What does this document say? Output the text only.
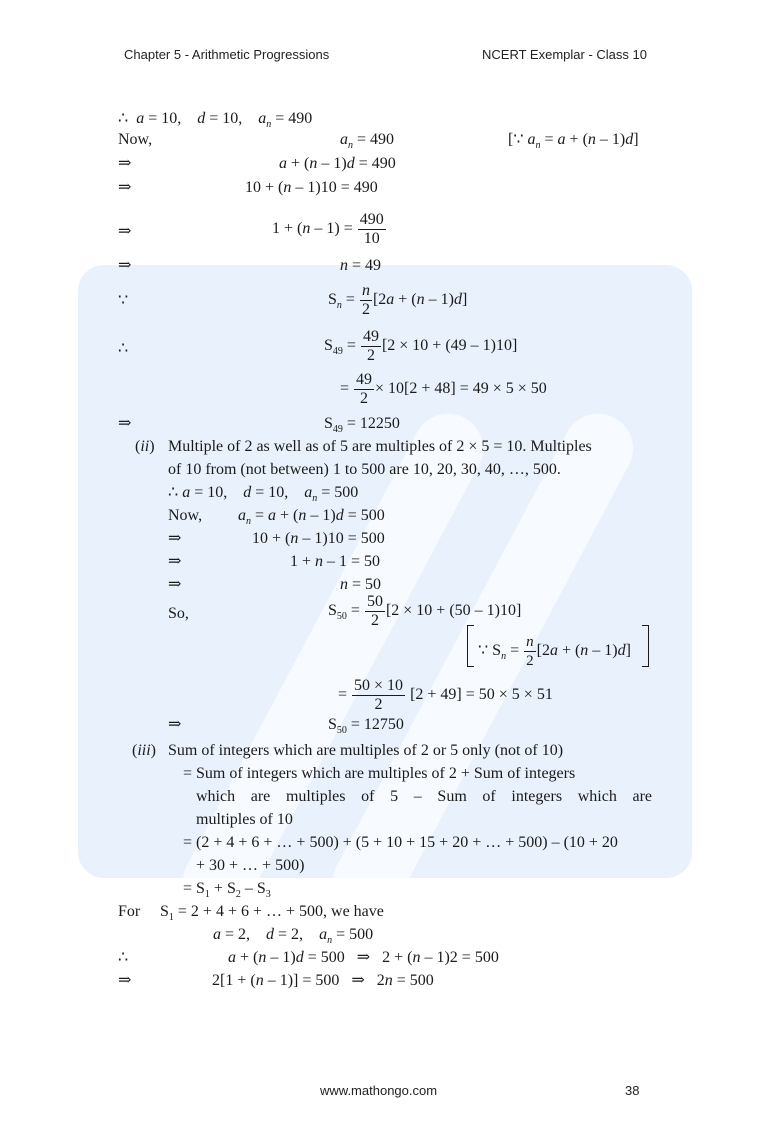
Chapter 5 - Arithmetic Progressions	NCERT Exemplar - Class 10
∴ a = 10,    d = 10,    $a_n = 490$
Now,	$a_n = 490$	[∵ $a_n = a + (n - 1)d$]
⇒	a + (n – 1)d = 490
⇒	10 + (n – 1)10 = 490
⇒	$1 + (n - 1) = \frac{490}{10}$
⇒	n = 49
∵	$S_n = \frac{n}{2} [2a + (n - 1)d]$
∴	$S_{49} = \frac{49}{2} [2 \times 10 + (49 - 1)10]$
= $\frac{49}{2} \times 10[2 + 48] = 49 \times 5 \times 50$
⇒	$S_{49} = 12250$
(ii) Multiple of 2 as well as of 5 are multiples of 2 × 5 = 10. Multiples
of 10 from (not between) 1 to 500 are 10, 20, 30, 40, …, 500.
∴ a = 10,    d = 10,    $a_n = 500$
Now, $a_n = a + (n - 1)d = 500$
⇒	10 + (n – 1)10 = 500
⇒	1 + n – 1 = 50
⇒	n = 50
So,	$S_{50} = \frac{50}{2} [2 \times 10 + (50 - 1)10]$
∵ $S_n = \frac{n}{2} [2a + (n - 1)d]$
= $\frac{50 \times 10}{2} [2 + 49] = 50 \times 5 \times 51$
⇒	$S_{50} = 12750$
(iii) Sum of integers which are multiples of 2 or 5 only (not of 10)
= Sum of integers which are multiples of 2 + Sum of integers
which are multiples of 5 – Sum of integers which are
multiples of 10
= (2 + 4 + 6 + … + 500) + (5 + 10 + 15 + 20 + … + 500) – (10 + 20
+ 30 + … + 500)
= $S_1 + S_2 - S_3$
For $S_1 = 2 + 4 + 6$ + … + 500, we have
a = 2,    d = 2,    $a_n = 500$
∴	a + (n – 1)d = 500   ⇒   2 + (n – 1)2 = 500
⇒	2[1 + (n – 1)] = 500   ⇒   2n = 500
www.mathongo.com	38
